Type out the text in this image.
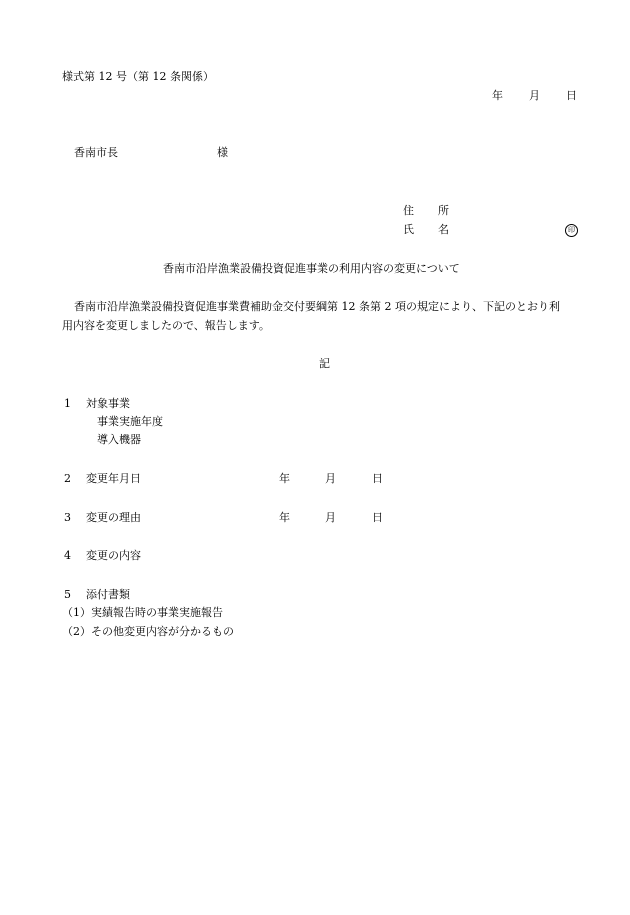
様式第 12 号（第 12 条関係）
年 月 日
香南市長	様
住 所
氏 名	印
香南市沿岸漁業設備投資促進事業の利用内容の変更について
香南市沿岸漁業設備投資促進事業費補助金交付要綱第 12 条第 2 項の規定により、下記のとおり利
用内容を変更しましたので、報告します。
記
1 対象事業
事業実施年度
導入機器
2 変更年月日	年	月	日
3 変更の理由	年	月	日
4 変更の内容
5 添付書類
（1）実績報告時の事業実施報告
（2）その他変更内容が分かるもの
